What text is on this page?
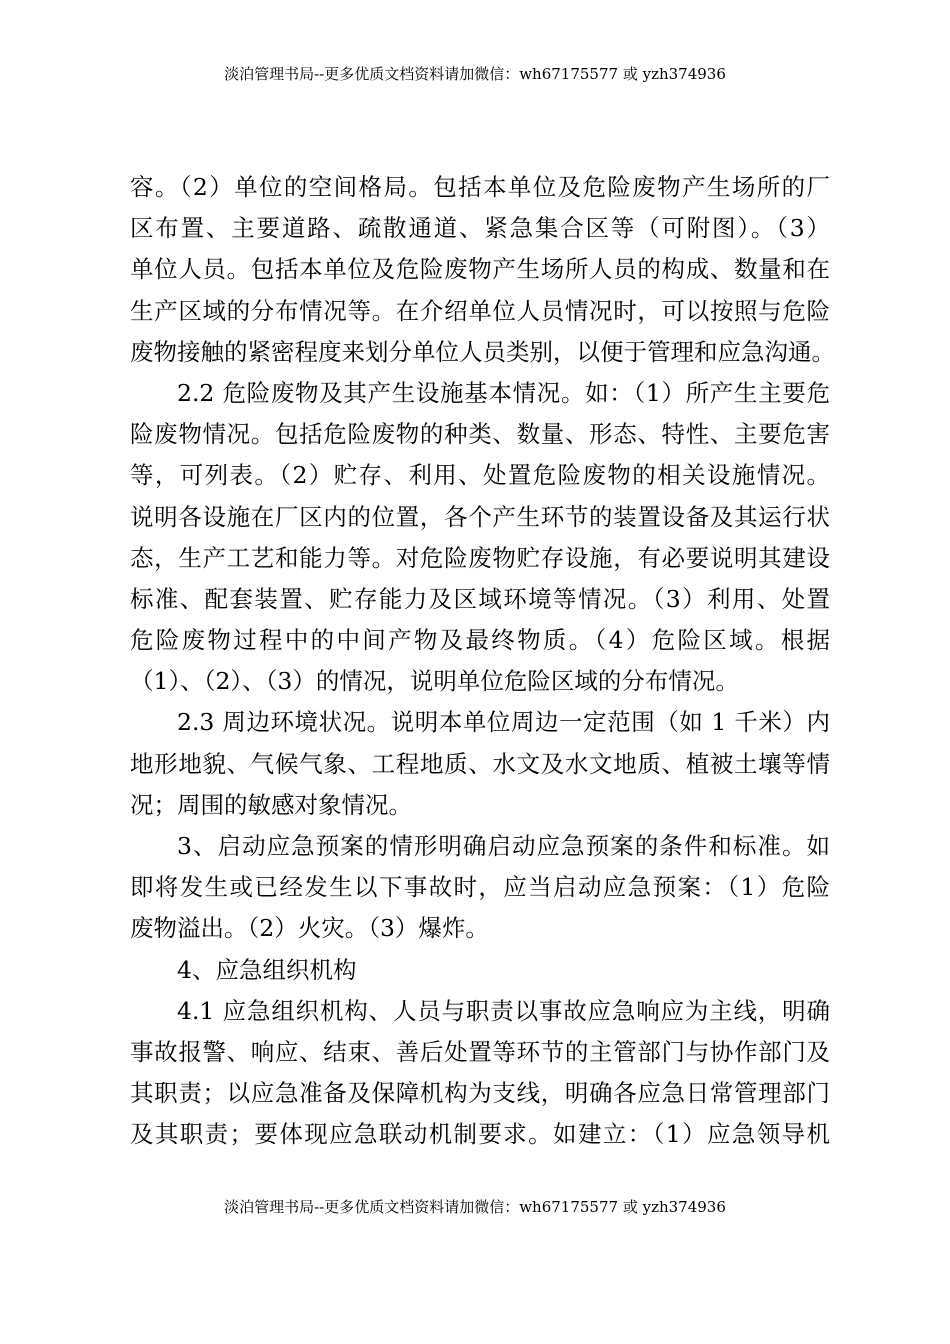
淡泊管理书局--更多优质文档资料请加微信：wh67175577 或 yzh374936
容。（2）单位的空间格局。包括本单位及危险废物产生场所的厂
区布置、主要道路、疏散通道、紧急集合区等（可附图）。（3）
单位人员。包括本单位及危险废物产生场所人员的构成、数量和在
生产区域的分布情况等。在介绍单位人员情况时，可以按照与危险
废物接触的紧密程度来划分单位人员类别，以便于管理和应急沟通。
2.2 危险废物及其产生设施基本情况。如：（1）所产生主要危
险废物情况。包括危险废物的种类、数量、形态、特性、主要危害
等，可列表。（2）贮存、利用、处置危险废物的相关设施情况。
说明各设施在厂区内的位置，各个产生环节的装置设备及其运行状
态，生产工艺和能力等。对危险废物贮存设施，有必要说明其建设
标准、配套装置、贮存能力及区域环境等情况。（3）利用、处置
危险废物过程中的中间产物及最终物质。（4）危险区域。根据
（1）、（2）、（3）的情况，说明单位危险区域的分布情况。
2.3 周边环境状况。说明本单位周边一定范围（如 1 千米）内
地形地貌、气候气象、工程地质、水文及水文地质、植被土壤等情
况；周围的敏感对象情况。
3、启动应急预案的情形明确启动应急预案的条件和标准。如
即将发生或已经发生以下事故时，应当启动应急预案：（1）危险
废物溢出。（2）火灾。（3）爆炸。
4、应急组织机构
4.1 应急组织机构、人员与职责以事故应急响应为主线，明确
事故报警、响应、结束、善后处置等环节的主管部门与协作部门及
其职责；以应急准备及保障机构为支线，明确各应急日常管理部门
及其职责；要体现应急联动机制要求。如建立：（1）应急领导机
淡泊管理书局--更多优质文档资料请加微信：wh67175577 或 yzh374936
